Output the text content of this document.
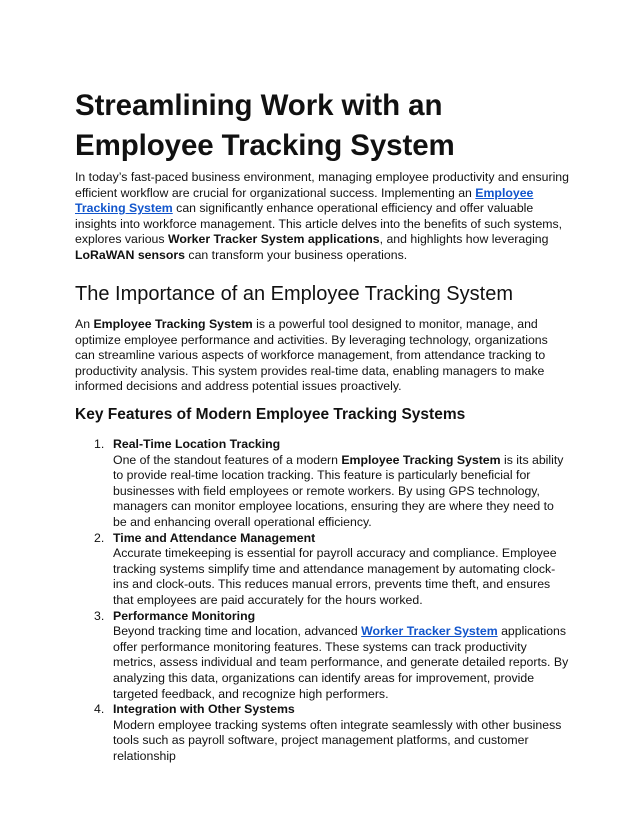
Streamlining Work with an Employee Tracking System

In today’s fast-paced business environment, managing employee productivity and ensuring efficient workflow are crucial for organizational success. Implementing an Employee Tracking System can significantly enhance operational efficiency and offer valuable insights into workforce management. This article delves into the benefits of such systems, explores various Worker Tracker System applications, and highlights how leveraging LoRaWAN sensors can transform your business operations.

The Importance of an Employee Tracking System

An Employee Tracking System is a powerful tool designed to monitor, manage, and optimize employee performance and activities. By leveraging technology, organizations can streamline various aspects of workforce management, from attendance tracking to productivity analysis. This system provides real-time data, enabling managers to make informed decisions and address potential issues proactively.

Key Features of Modern Employee Tracking Systems
1. Real-Time Location Tracking
One of the standout features of a modern Employee Tracking System is its ability to provide real-time location tracking. This feature is particularly beneficial for businesses with field employees or remote workers. By using GPS technology, managers can monitor employee locations, ensuring they are where they need to be and enhancing overall operational efficiency.
2. Time and Attendance Management
Accurate timekeeping is essential for payroll accuracy and compliance. Employee tracking systems simplify time and attendance management by automating clock-ins and clock-outs. This reduces manual errors, prevents time theft, and ensures that employees are paid accurately for the hours worked.
3. Performance Monitoring
Beyond tracking time and location, advanced Worker Tracker System applications offer performance monitoring features. These systems can track productivity metrics, assess individual and team performance, and generate detailed reports. By analyzing this data, organizations can identify areas for improvement, provide targeted feedback, and recognize high performers.
4. Integration with Other Systems
Modern employee tracking systems often integrate seamlessly with other business tools such as payroll software, project management platforms, and customer relationship
